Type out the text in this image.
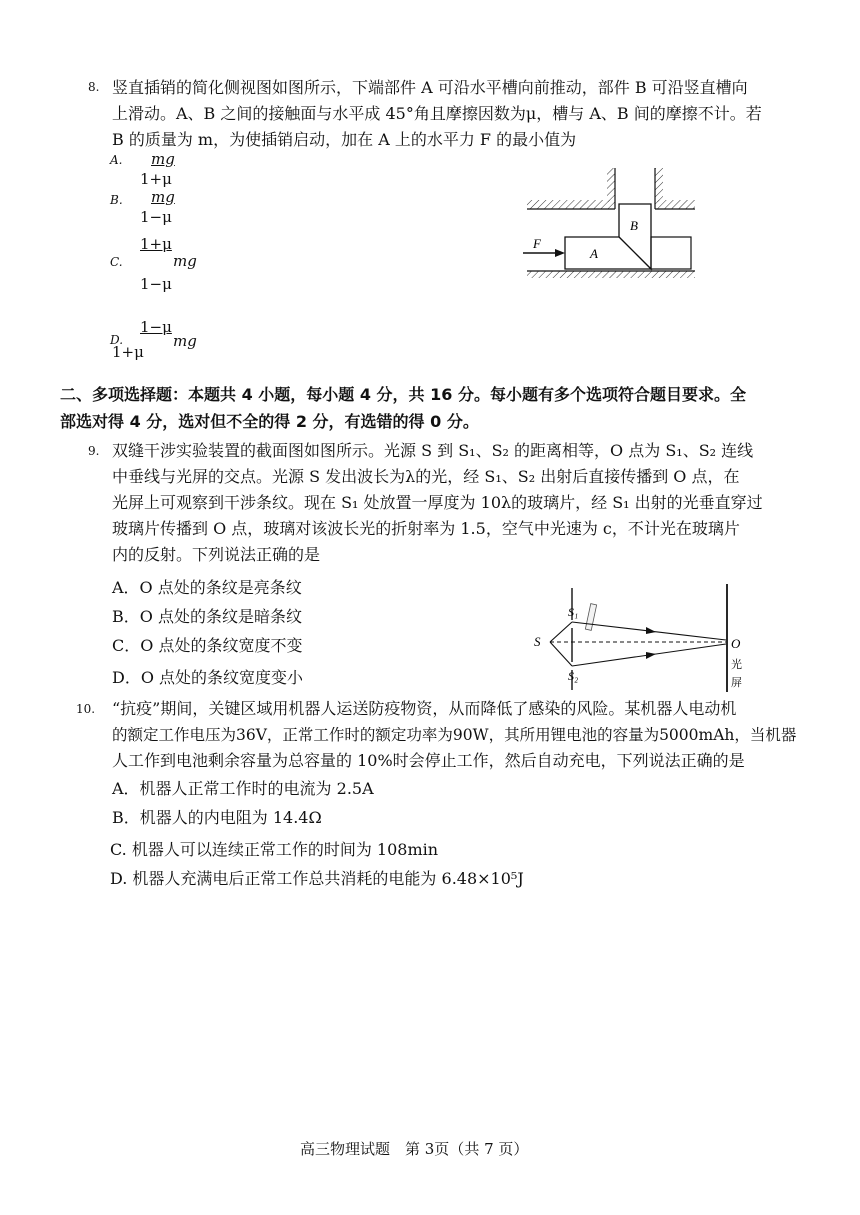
8. 竖直插销的简化侧视图如图所示，下端部件 A 可沿水平槽向前推动，部件 B 可沿竖直槽向
上滑动。A、B 之间的接触面与水平成 45°角且摩擦因数为μ，槽与 A、B 间的摩擦不计。若
B 的质量为 m，为使插销启动，加在 A 上的水平力 F 的最小值为
A. mg
1+μ
B. mg
1−μ
1+μ
C.	mg
1−μ
1−μ
D.	mg
1+μ
B
A
F
二、多项选择题：本题共 4 小题，每小题 4 分，共 16 分。每小题有多个选项符合题目要求。全
部选对得 4 分，选对但不全的得 2 分，有选错的得 0 分。
9. 双缝干涉实验装置的截面图如图所示。光源 S 到 S₁、S₂ 的距离相等，O 点为 S₁、S₂ 连线
中垂线与光屏的交点。光源 S 发出波长为λ的光，经 S₁、S₂ 出射后直接传播到 O 点，在
光屏上可观察到干涉条纹。现在 S₁ 处放置一厚度为 10λ的玻璃片，经 S₁ 出射的光垂直穿过
玻璃片传播到 O 点，玻璃对该波长光的折射率为 1.5，空气中光速为 c，不计光在玻璃片
内的反射。下列说法正确的是
A．O 点处的条纹是亮条纹
B．O 点处的条纹是暗条纹
C．O 点处的条纹宽度不变
D．O 点处的条纹宽度变小
S
S₁
S₂
O
光
屏
10. “抗疫”期间，关键区域用机器人运送防疫物资，从而降低了感染的风险。某机器人电动机
的额定工作电压为36V，正常工作时的额定功率为90W，其所用锂电池的容量为5000mAh，当机器
人工作到电池剩余容量为总容量的 10%时会停止工作，然后自动充电，下列说法正确的是
A．机器人正常工作时的电流为 2.5A
B．机器人的内电阻为 14.4Ω
C. 机器人可以连续正常工作的时间为 108min
D. 机器人充满电后正常工作总共消耗的电能为 6.48×10⁵J
高三物理试题　第 3页（共 7 页）
